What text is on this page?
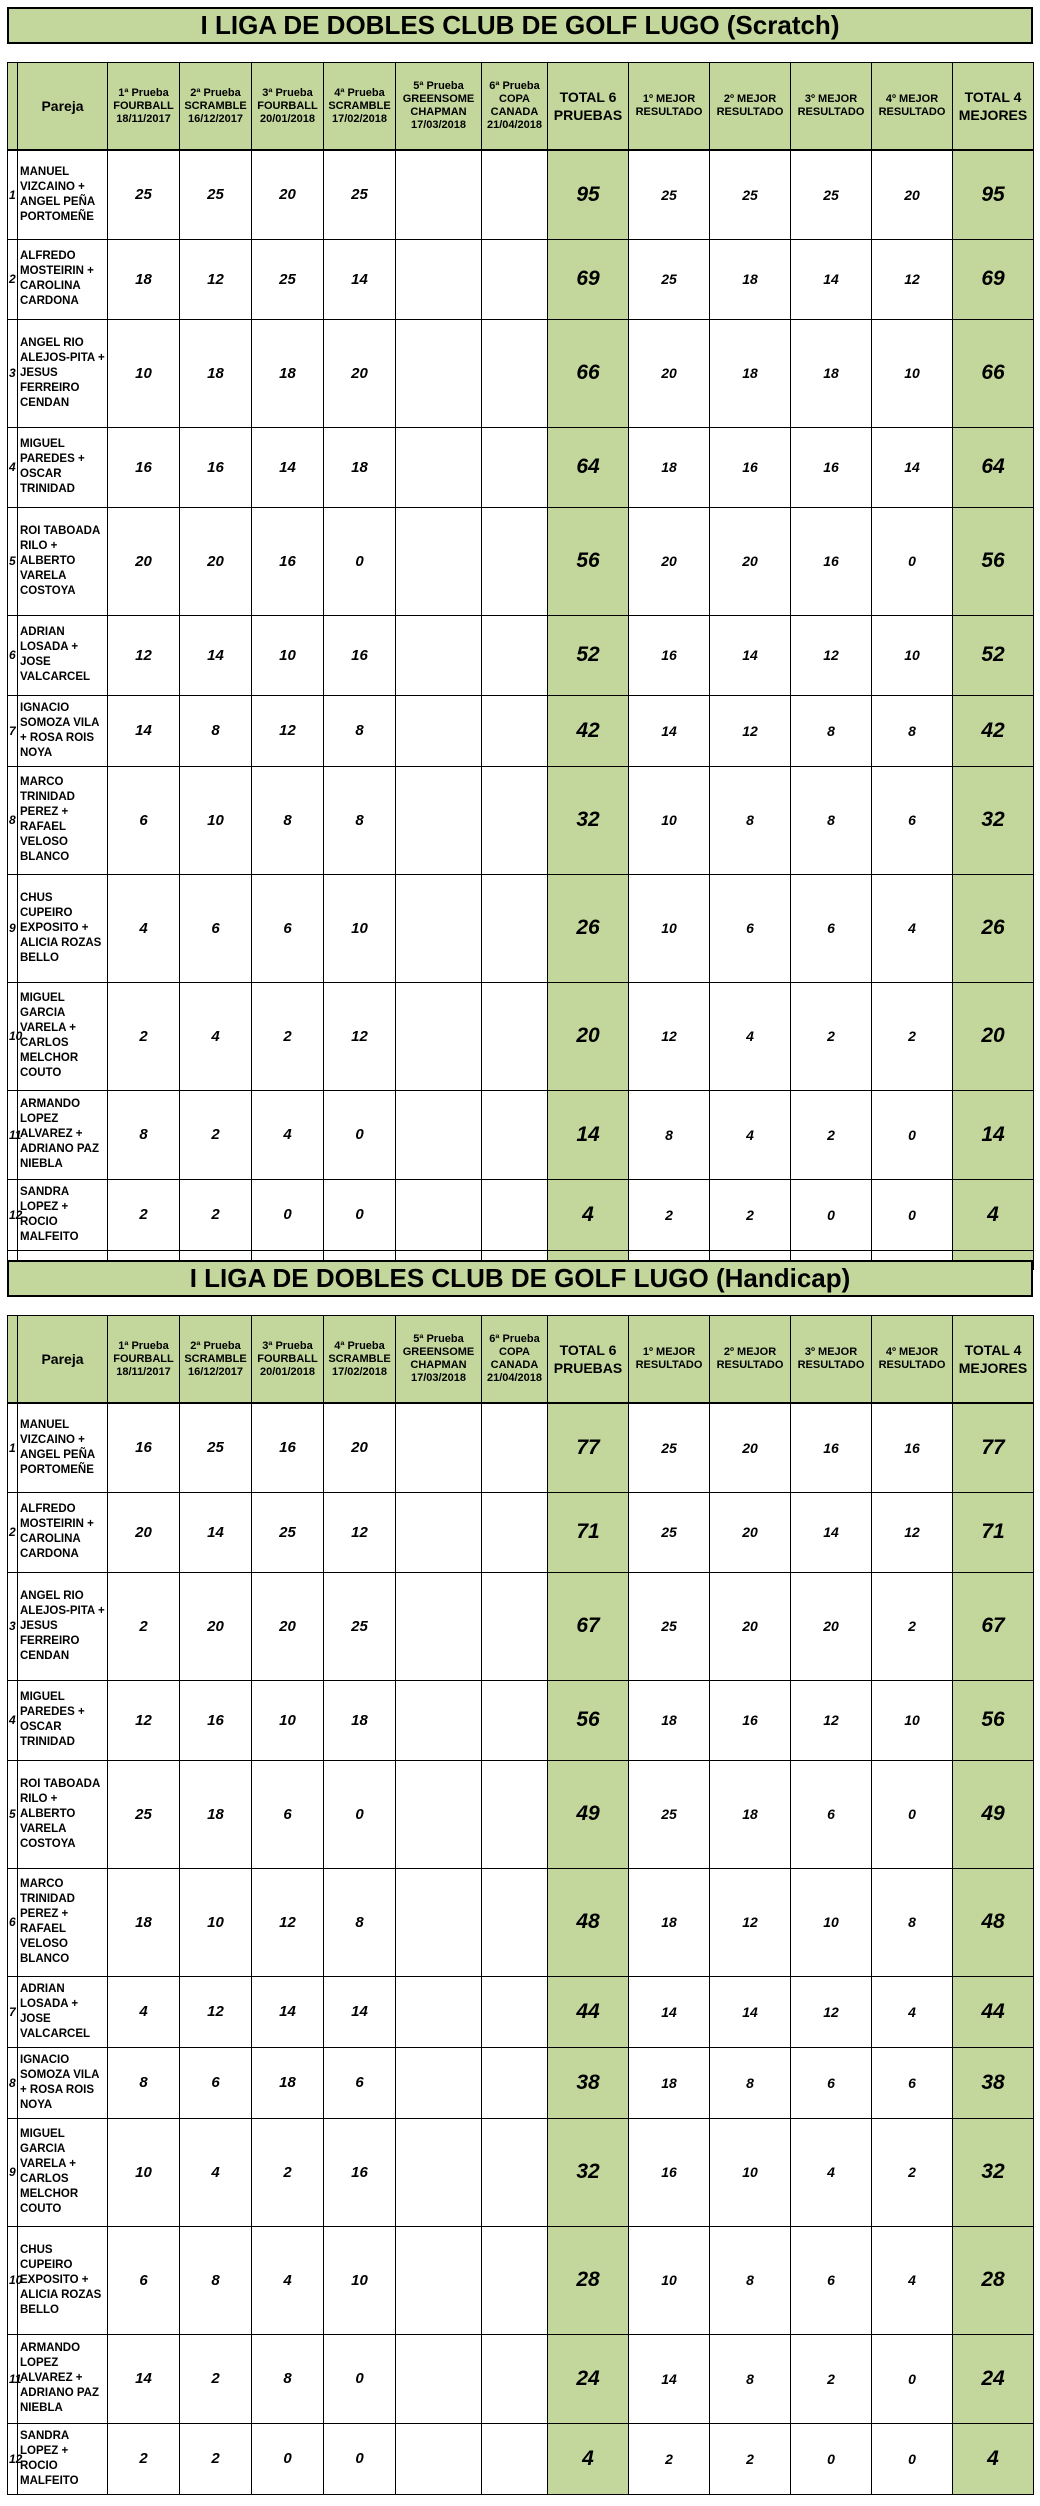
I LIGA DE DOBLES CLUB DE GOLF LUGO (Scratch)
	Pareja	1ª Prueba
FOURBALL
18/11/2017	2ª Prueba
SCRAMBLE
16/12/2017	3ª Prueba
FOURBALL
20/01/2018	4ª Prueba
SCRAMBLE
17/02/2018	5ª Prueba
GREENSOME
CHAPMAN
17/03/2018	6ª Prueba
COPA
CANADA
21/04/2018	TOTAL 6
PRUEBAS	1º MEJOR
RESULTADO	2º MEJOR
RESULTADO	3º MEJOR
RESULTADO	4º MEJOR
RESULTADO	TOTAL 4
MEJORES

1	MANUEL VIZCAINO + ANGEL PEÑA PORTOMEÑE	25	25	20	25			95	25	25	25	20	95
2	ALFREDO MOSTEIRIN + CAROLINA CARDONA	18	12	25	14			69	25	18	14	12	69
3	ANGEL RIO ALEJOS-PITA + JESUS FERREIRO CENDAN	10	18	18	20			66	20	18	18	10	66
4	MIGUEL PAREDES + OSCAR TRINIDAD	16	16	14	18			64	18	16	16	14	64
5	ROI TABOADA RILO + ALBERTO VARELA COSTOYA	20	20	16	0			56	20	20	16	0	56
6	ADRIAN LOSADA + JOSE VALCARCEL	12	14	10	16			52	16	14	12	10	52
7	IGNACIO SOMOZA VILA + ROSA ROIS NOYA	14	8	12	8			42	14	12	8	8	42
8	MARCO TRINIDAD PEREZ + RAFAEL VELOSO BLANCO	6	10	8	8			32	10	8	8	6	32
9	CHUS CUPEIRO EXPOSITO + ALICIA ROZAS BELLO	4	6	6	10			26	10	6	6	4	26
10	MIGUEL GARCIA VARELA + CARLOS MELCHOR COUTO	2	4	2	12			20	12	4	2	2	20
11	ARMANDO LOPEZ ALVAREZ + ADRIANO PAZ NIEBLA	8	2	4	0			14	8	4	2	0	14
12	SANDRA LOPEZ + ROCIO MALFEITO	2	2	0	0			4	2	2	0	0	4

I LIGA DE DOBLES CLUB DE GOLF LUGO (Handicap)
	Pareja	1ª Prueba
FOURBALL
18/11/2017	2ª Prueba
SCRAMBLE
16/12/2017	3ª Prueba
FOURBALL
20/01/2018	4ª Prueba
SCRAMBLE
17/02/2018	5ª Prueba
GREENSOME
CHAPMAN
17/03/2018	6ª Prueba
COPA
CANADA
21/04/2018	TOTAL 6
PRUEBAS	1º MEJOR
RESULTADO	2º MEJOR
RESULTADO	3º MEJOR
RESULTADO	4º MEJOR
RESULTADO	TOTAL 4
MEJORES

1	MANUEL VIZCAINO + ANGEL PEÑA PORTOMEÑE	16	25	16	20			77	25	20	16	16	77
2	ALFREDO MOSTEIRIN + CAROLINA CARDONA	20	14	25	12			71	25	20	14	12	71
3	ANGEL RIO ALEJOS-PITA + JESUS FERREIRO CENDAN	2	20	20	25			67	25	20	20	2	67
4	MIGUEL PAREDES + OSCAR TRINIDAD	12	16	10	18			56	18	16	12	10	56
5	ROI TABOADA RILO + ALBERTO VARELA COSTOYA	25	18	6	0			49	25	18	6	0	49
6	MARCO TRINIDAD PEREZ + RAFAEL VELOSO BLANCO	18	10	12	8			48	18	12	10	8	48
7	ADRIAN LOSADA + JOSE VALCARCEL	4	12	14	14			44	14	14	12	4	44
8	IGNACIO SOMOZA VILA + ROSA ROIS NOYA	8	6	18	6			38	18	8	6	6	38
9	MIGUEL GARCIA VARELA + CARLOS MELCHOR COUTO	10	4	2	16			32	16	10	4	2	32
10	CHUS CUPEIRO EXPOSITO + ALICIA ROZAS BELLO	6	8	4	10			28	10	8	6	4	28
11	ARMANDO LOPEZ ALVAREZ + ADRIANO PAZ NIEBLA	14	2	8	0			24	14	8	2	0	24
12	SANDRA LOPEZ + ROCIO MALFEITO	2	2	0	0			4	2	2	0	0	4
